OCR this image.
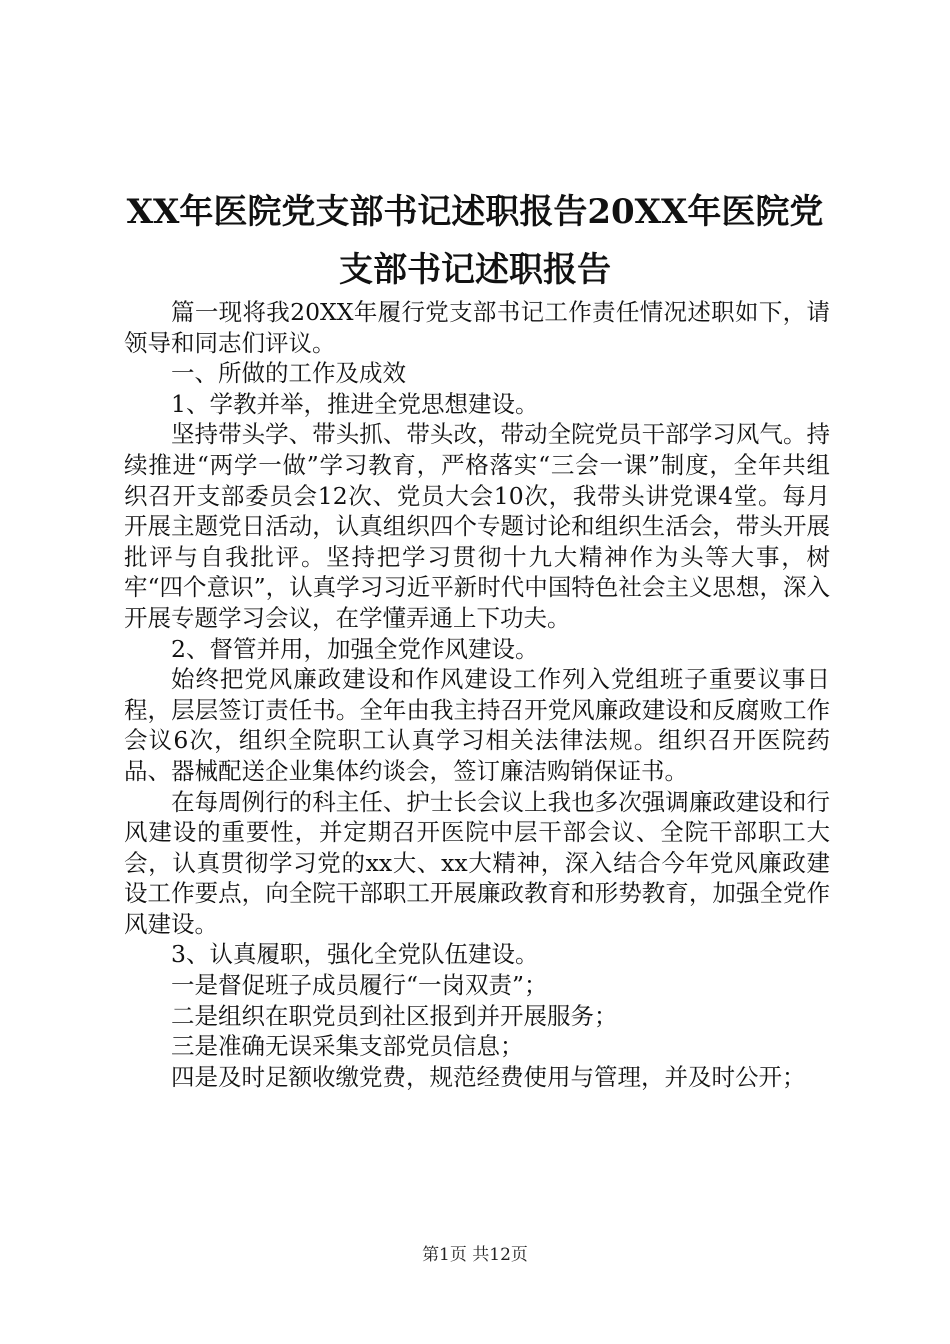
XX年医院党支部书记述职报告20XX年医院党
支部书记述职报告

篇一现将我20XX年履行党支部书记工作责任情况述职如下，请领导和同志们评议。

一、所做的工作及成效

1、学教并举，推进全党思想建设。

坚持带头学、带头抓、带头改，带动全院党员干部学习风气。持续推进“两学一做”学习教育，严格落实“三会一课”制度，全年共组织召开支部委员会12次、党员大会10次，我带头讲党课4堂。每月开展主题党日活动，认真组织四个专题讨论和组织生活会，带头开展批评与自我批评。坚持把学习贯彻十九大精神作为头等大事，树牢“四个意识”，认真学习习近平新时代中国特色社会主义思想，深入开展专题学习会议，在学懂弄通上下功夫。

2、督管并用，加强全党作风建设。

始终把党风廉政建设和作风建设工作列入党组班子重要议事日程，层层签订责任书。全年由我主持召开党风廉政建设和反腐败工作会议6次，组织全院职工认真学习相关法律法规。组织召开医院药品、器械配送企业集体约谈会，签订廉洁购销保证书。

在每周例行的科主任、护士长会议上我也多次强调廉政建设和行风建设的重要性，并定期召开医院中层干部会议、全院干部职工大会，认真贯彻学习党的xx大、xx大精神，深入结合今年党风廉政建设工作要点，向全院干部职工开展廉政教育和形势教育，加强全党作风建设。

3、认真履职，强化全党队伍建设。

一是督促班子成员履行“一岗双责”；

二是组织在职党员到社区报到并开展服务；

三是准确无误采集支部党员信息；

四是及时足额收缴党费，规范经费使用与管理，并及时公开；

第1页 共12页
